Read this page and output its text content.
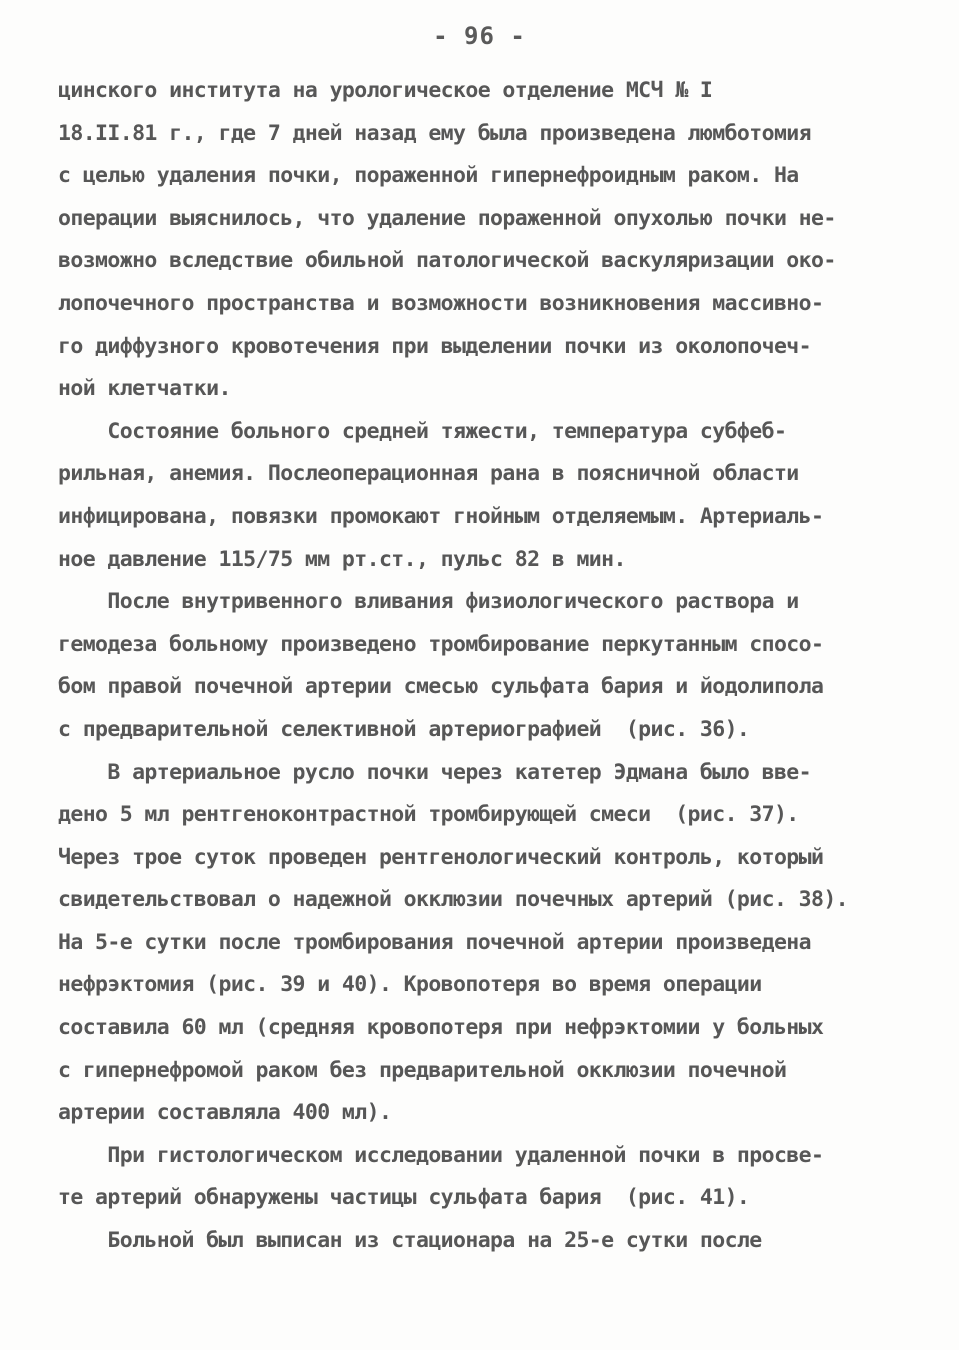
- 96 -
цинского института на урологическое отделение МСЧ № I
18.II.81 г., где 7 дней назад ему была произведена люмботомия
с целью удаления почки, пораженной гипернефроидным раком. На
операции выяснилось, что удаление пораженной опухолью почки не-
возможно вследствие обильной патологической васкуляризации око-
лопочечного пространства и возможности возникновения массивно-
го диффузного кровотечения при выделении почки из околопочеч-
ной клетчатки.
Состояние больного средней тяжести, температура субфеб-
рильная, анемия. Послеоперационная рана в поясничной области
инфицирована, повязки промокают гнойным отделяемым. Артериаль-
ное давление 115/75 мм рт.ст., пульс 82 в мин.
После внутривенного вливания физиологического раствора и
гемодеза больному произведено тромбирование перкутанным спосо-
бом правой почечной артерии смесью сульфата бария и йодолипола
с предварительной селективной артериографией  (рис. 36).
В артериальное русло почки через катетер Эдмана было вве-
дено 5 мл рентгеноконтрастной тромбирующей смеси  (рис. 37).
Через трое суток проведен рентгенологический контроль, который
свидетельствовал о надежной окклюзии почечных артерий (рис. 38).
На 5-е сутки после тромбирования почечной артерии произведена
нефрэктомия (рис. 39 и 40). Кровопотеря во время операции
составила 60 мл (средняя кровопотеря при нефрэктомии у больных
с гипернефромой раком без предварительной окклюзии почечной
артерии составляла 400 мл).
При гистологическом исследовании удаленной почки в просве-
те артерий обнаружены частицы сульфата бария  (рис. 41).
Больной был выписан из стационара на 25-е сутки после
